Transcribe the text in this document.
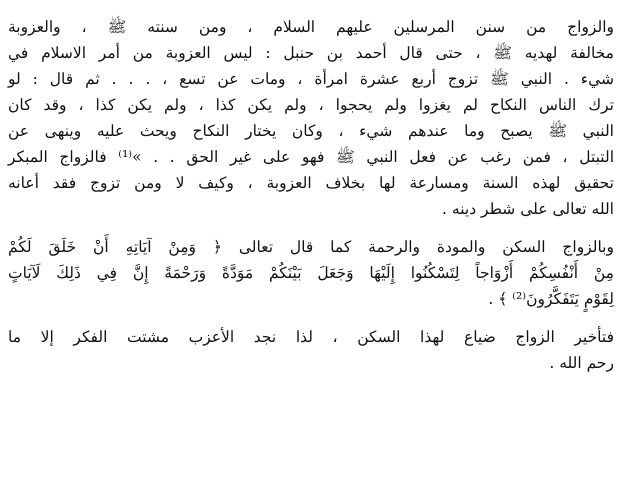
والزواج من سنن المرسلين عليهم السلام ، ومن سنته ﷺ ، والعزوبة
مخالفة لهديه ﷺ ، حتى قال أحمد بن حنبل : ليس العزوبة من أمر الاسلام في
شيء . النبي ﷺ تزوج أربع عشرة امرأة ، ومات عن تسع ، . . . ثم قال : لو
ترك الناس النكاح لم يغزوا ولم يحجوا ، ولم يكن كذا ، ولم يكن كذا ، وقد كان
النبي ﷺ يصبح وما عندهم شيء ، وكان يختار النكاح ويحث عليه وينهى عن
التبتل ، فمن رغب عن فعل النبي ﷺ فهو على غير الحق . . »⁽¹⁾ فالزواج المبكر
تحقيق لهذه السنة ومسارعة لها بخلاف العزوبة ، وكيف لا ومن تزوج فقد أعانه
الله تعالى على شطر دينه .
وبالزواج السكن والمودة والرحمة كما قال تعالى ﴿ وَمِنْ آيَاتِهِ أَنْ خَلَقَ لَكُمْ
مِنْ أَنْفُسِكُمْ أَزْوَاجاً لِتَسْكُنُوا إِلَيْهَا وَجَعَلَ بَيْنَكُمْ مَوَدَّةً وَرَحْمَةً إِنَّ فِي ذَلِكَ لَآيَاتٍ
لِقَوْمٍ يَتَفَكَّرُونَ⁽²⁾ ﴾ .
فتأخير الزواج ضياع لهذا السكن ، لذا نجد الأعزب مشتت الفكر إلا ما
رحم الله .
